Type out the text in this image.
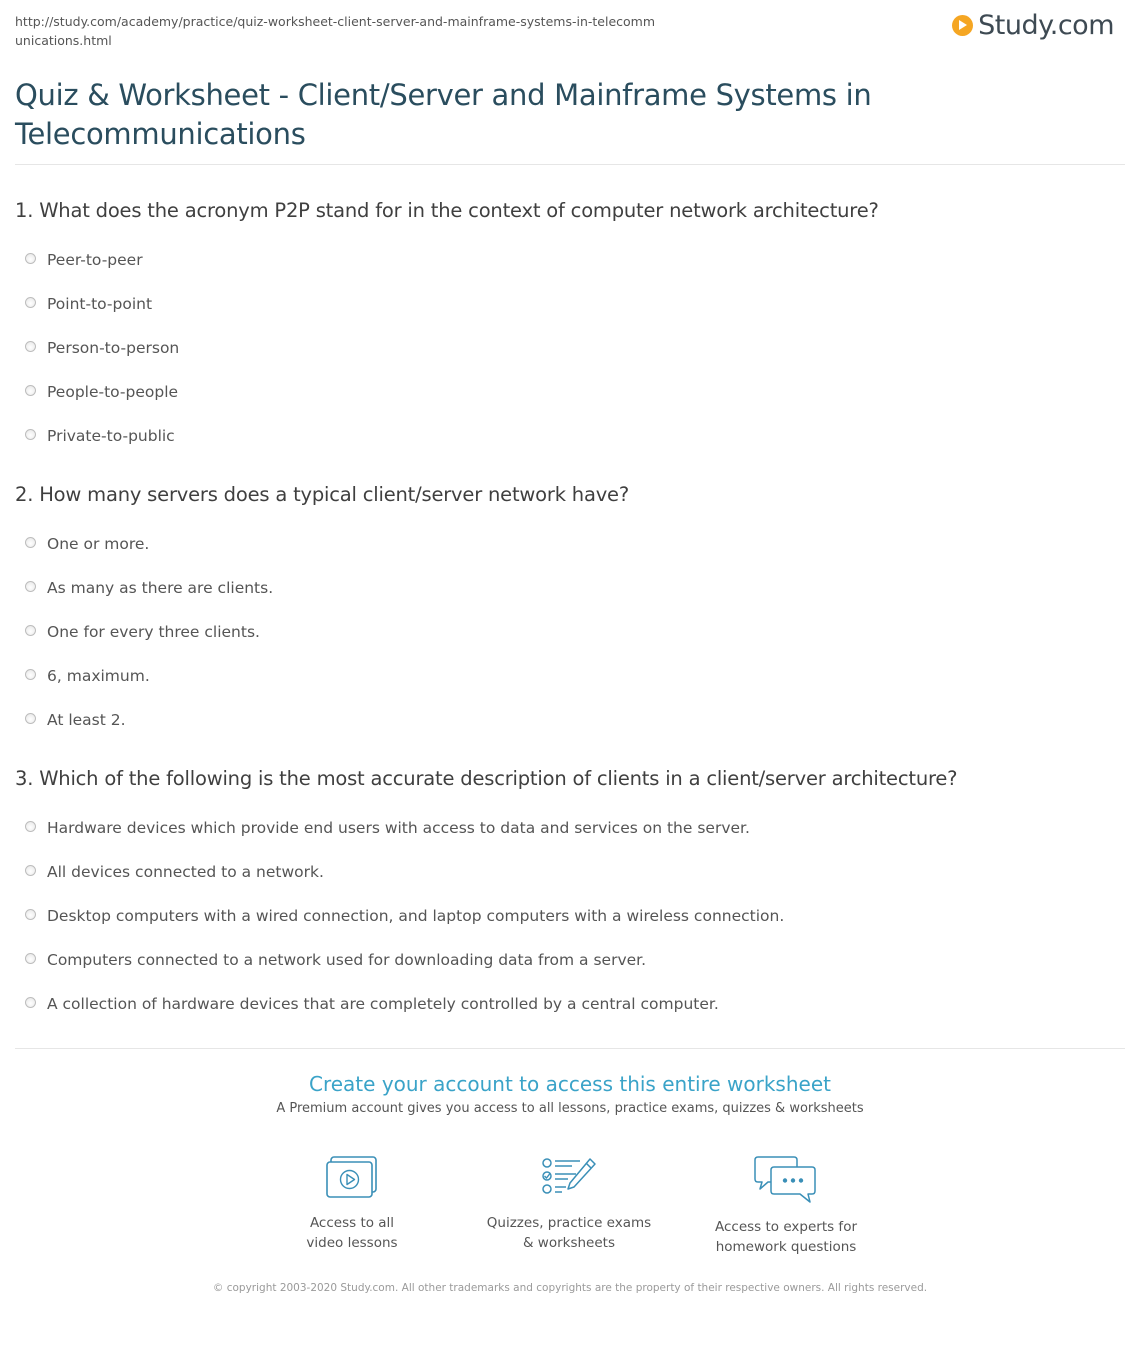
http://study.com/academy/practice/quiz-worksheet-client-server-and-mainframe-systems-in-telecommunications.html	Study.com
Quiz & Worksheet - Client/Server and Mainframe Systems in Telecommunications
1. What does the acronym P2P stand for in the context of computer network architecture?
Peer-to-peer
Point-to-point
Person-to-person
People-to-people
Private-to-public
2. How many servers does a typical client/server network have?
One or more.
As many as there are clients.
One for every three clients.
6, maximum.
At least 2.
3. Which of the following is the most accurate description of clients in a client/server architecture?
Hardware devices which provide end users with access to data and services on the server.
All devices connected to a network.
Desktop computers with a wired connection, and laptop computers with a wireless connection.
Computers connected to a network used for downloading data from a server.
A collection of hardware devices that are completely controlled by a central computer.
Create your account to access this entire worksheet

A Premium account gives you access to all lessons, practice exams, quizzes & worksheets

Access to all
video lessons
Quizzes, practice exams
& worksheets
Access to experts for
homework questions
© copyright 2003-2020 Study.com. All other trademarks and copyrights are the property of their respective owners. All rights reserved.
